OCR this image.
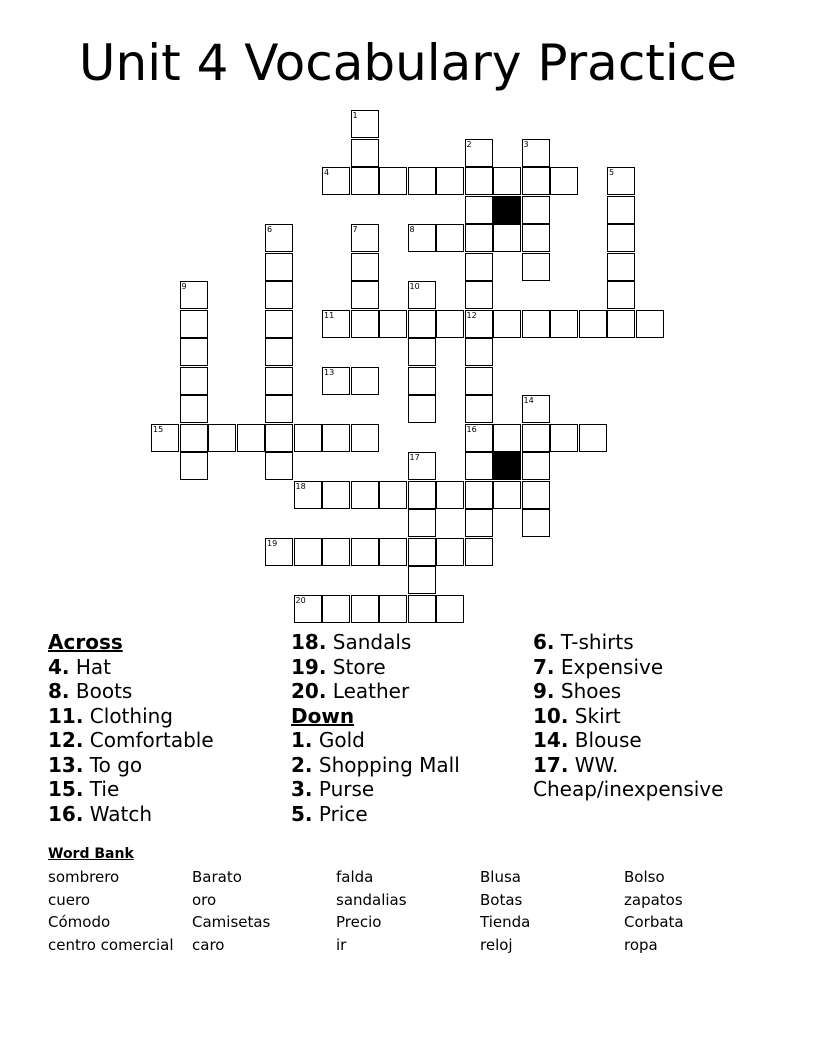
Unit 4 Vocabulary Practice
4
8
11	12
13
15	16
18
19
20
1
2	3
5
6	7
9	10
14
17
Across
4. Hat
8. Boots
11. Clothing
12. Comfortable
13. To go
15. Tie
16. Watch
18. Sandals
19. Store
20. Leather
Down
1. Gold
2. Shopping Mall
3. Purse
5. Price
6. T-shirts
7. Expensive
9. Shoes
10. Skirt
14. Blouse
17. WW.
Cheap/inexpensive
Word Bank
sombrero
cuero
Cómodo
centro comercial
Barato
oro
Camisetas
caro
falda
sandalias
Precio
ir
Blusa
Botas
Tienda
reloj
Bolso
zapatos
Corbata
ropa
